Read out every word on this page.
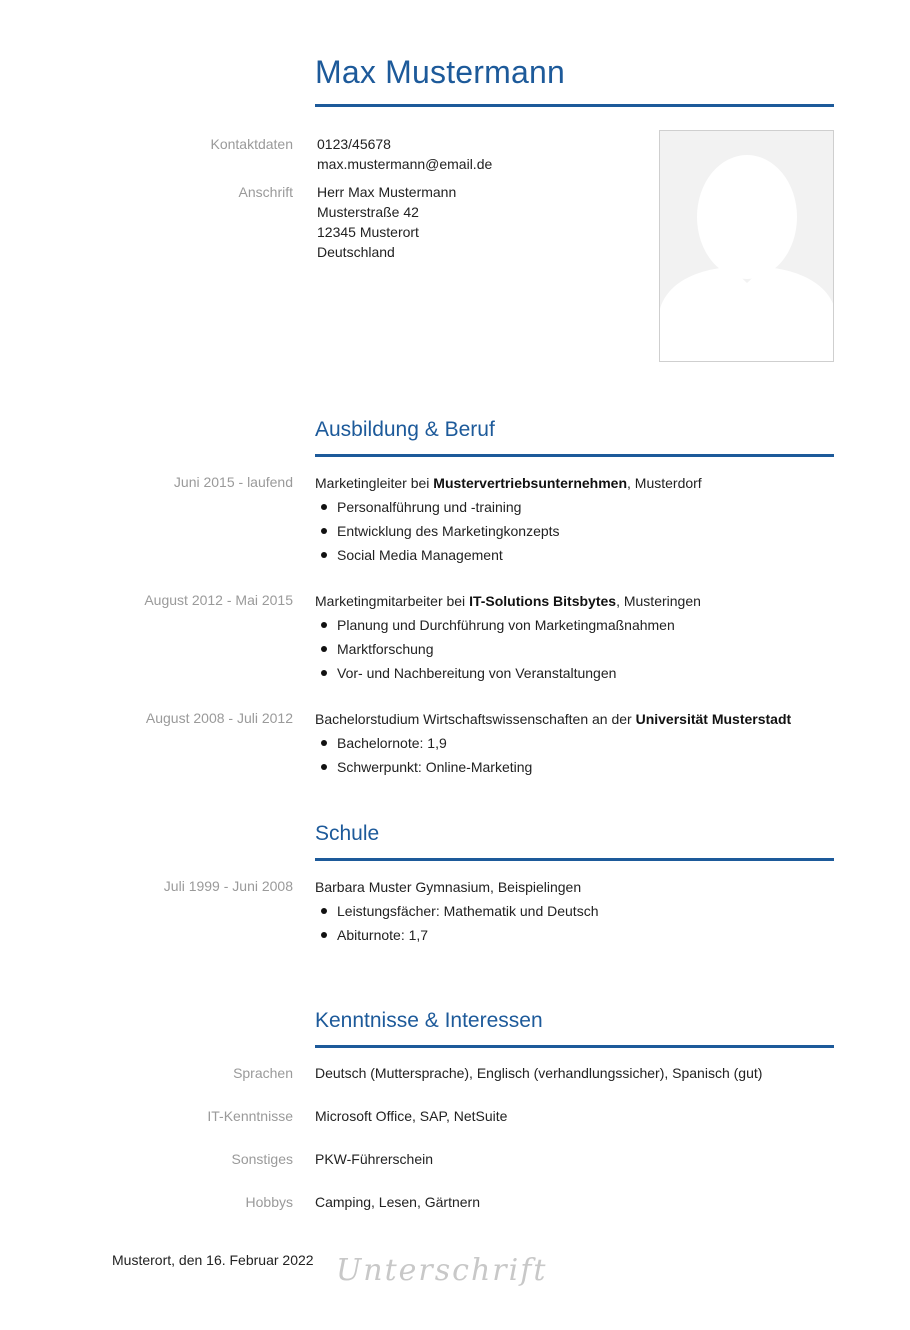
Max Mustermann
Kontaktdaten 0123/45678
max.mustermann@email.de
Anschrift Herr Max Mustermann
Musterstraße 42
12345 Musterort
Deutschland
Ausbildung & Beruf
Juni 2015 - laufend Marketingleiter bei Mustervertriebsunternehmen, Musterdorf
Personalführung und -training
Entwicklung des Marketingkonzepts
Social Media Management
August 2012 - Mai 2015 Marketingmitarbeiter bei IT-Solutions Bitsbytes, Musteringen
Planung und Durchführung von Marketingmaßnahmen
Marktforschung
Vor- und Nachbereitung von Veranstaltungen
August 2008 - Juli 2012 Bachelorstudium Wirtschaftswissenschaften an der Universität Musterstadt
Bachelornote: 1,9
Schwerpunkt: Online-Marketing
Schule
Juli 1999 - Juni 2008 Barbara Muster Gymnasium, Beispielingen
Leistungsfächer: Mathematik und Deutsch
Abiturnote: 1,7
Kenntnisse & Interessen
Sprachen Deutsch (Muttersprache), Englisch (verhandlungssicher), Spanisch (gut)
IT-Kenntnisse Microsoft Office, SAP, NetSuite
Sonstiges PKW-Führerschein
Hobbys Camping, Lesen, Gärtnern
Musterort, den 16. Februar 2022 Unterschrift
